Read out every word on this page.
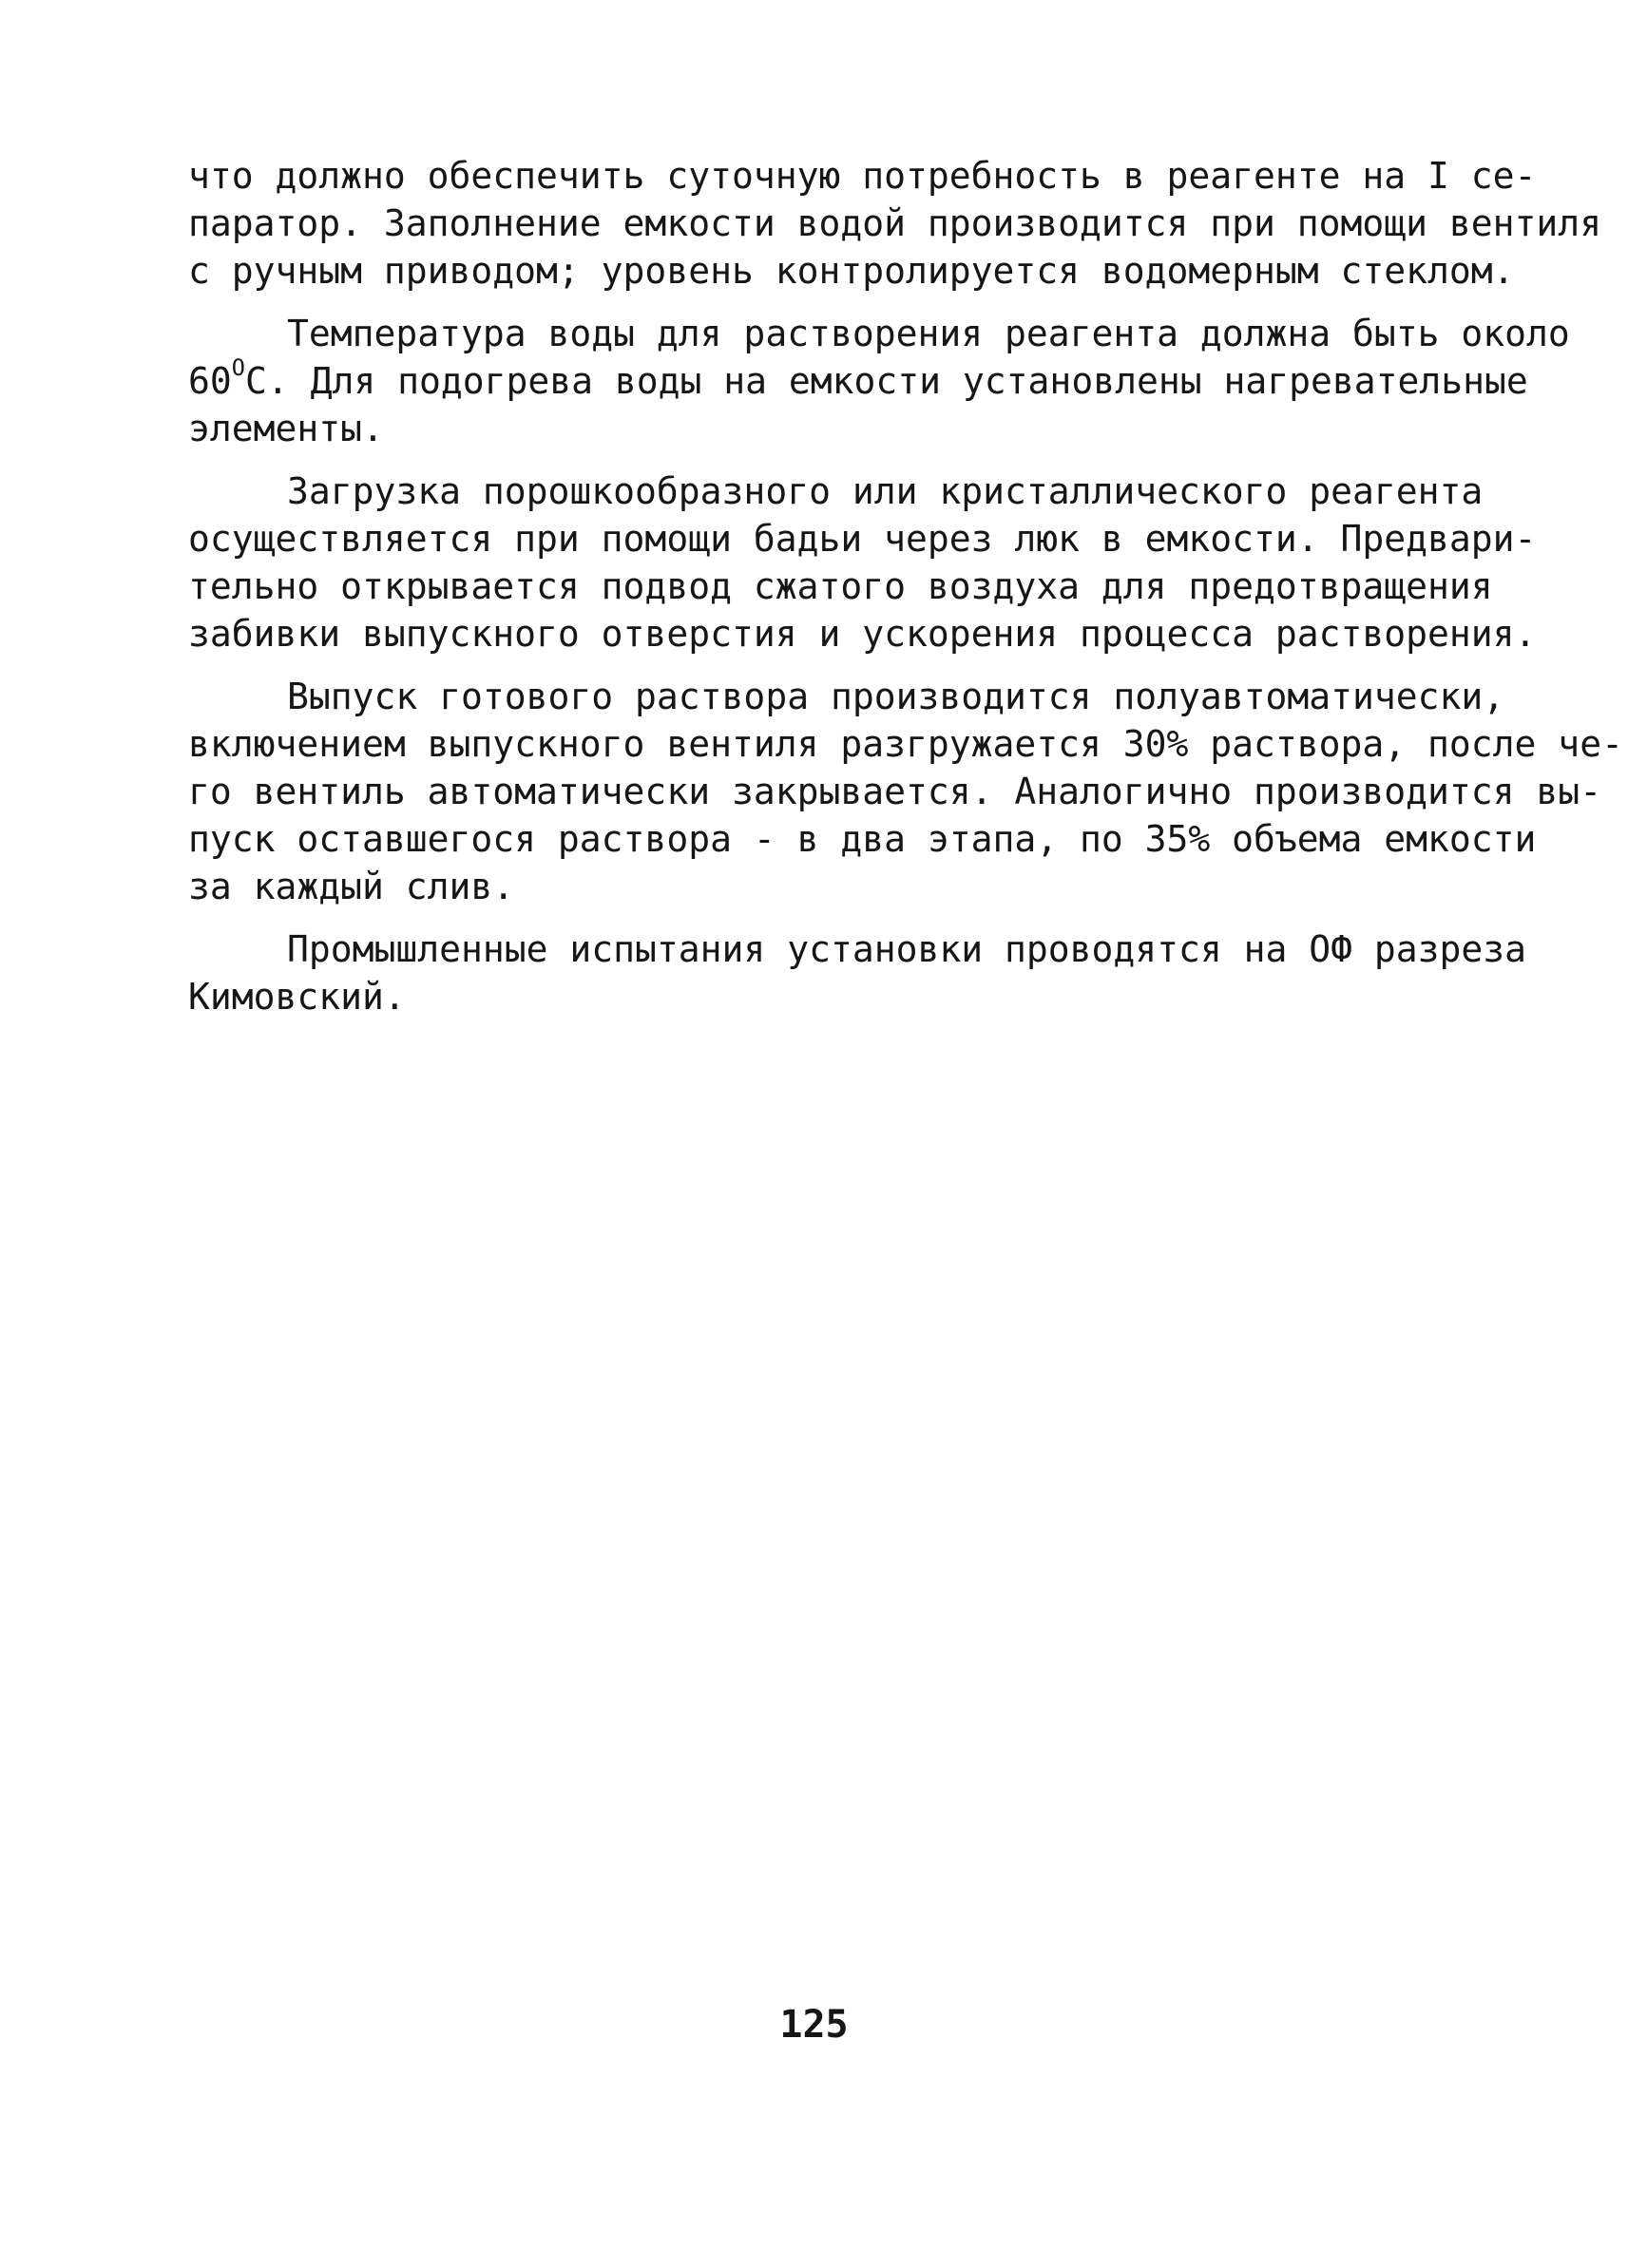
что должно обеспечить суточную потребность в реагенте на I се-
паратор. Заполнение емкости водой производится при помощи вентиля
с ручным приводом; уровень контролируется водомерным стеклом.
Температура воды для растворения реагента должна быть около
$60^ОС$. Для подогрева воды на емкости установлены нагревательные
элементы.
Загрузка порошкообразного или кристаллического реагента
осуществляется при помощи бадьи через люк в емкости. Предвари-
тельно открывается подвод сжатого воздуха для предотвращения
забивки выпускного отверстия и ускорения процесса растворения.
Выпуск готового раствора производится полуавтоматически,
включением выпускного вентиля разгружается 30% раствора, после че-
го вентиль автоматически закрывается. Аналогично производится вы-
пуск оставшегося раствора - в два этапа, по 35% объема емкости
за каждый слив.
Промышленные испытания установки проводятся на ОФ разреза
Кимовский.
125
